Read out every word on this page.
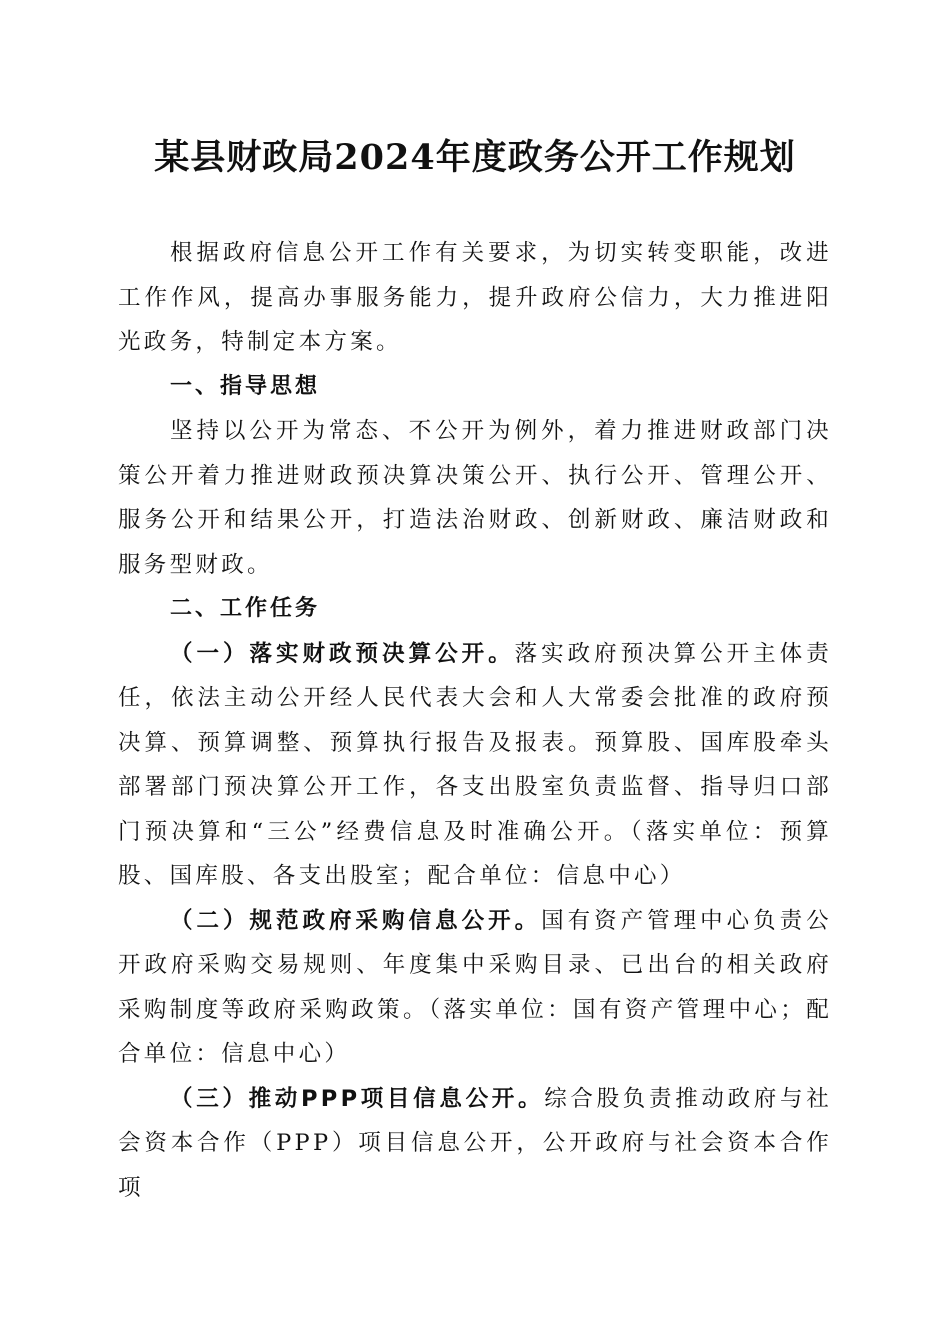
某县财政局2024年度政务公开工作规划

根据政府信息公开工作有关要求，为切实转变职能，改进工作作风，提高办事服务能力，提升政府公信力，大力推进阳光政务，特制定本方案。

一、指导思想

坚持以公开为常态、不公开为例外，着力推进财政部门决策公开着力推进财政预决算决策公开、执行公开、管理公开、服务公开和结果公开，打造法治财政、创新财政、廉洁财政和服务型财政。

二、工作任务

（一）落实财政预决算公开。落实政府预决算公开主体责任，依法主动公开经人民代表大会和人大常委会批准的政府预决算、预算调整、预算执行报告及报表。预算股、国库股牵头部署部门预决算公开工作，各支出股室负责监督、指导归口部门预决算和“三公”经费信息及时准确公开。（落实单位：预算股、国库股、各支出股室；配合单位：信息中心）

（二）规范政府采购信息公开。国有资产管理中心负责公开政府采购交易规则、年度集中采购目录、已出台的相关政府采购制度等政府采购政策。（落实单位：国有资产管理中心；配合单位：信息中心）

（三）推动PPP项目信息公开。综合股负责推动政府与社会资本合作（PPP）项目信息公开，公开政府与社会资本合作项
